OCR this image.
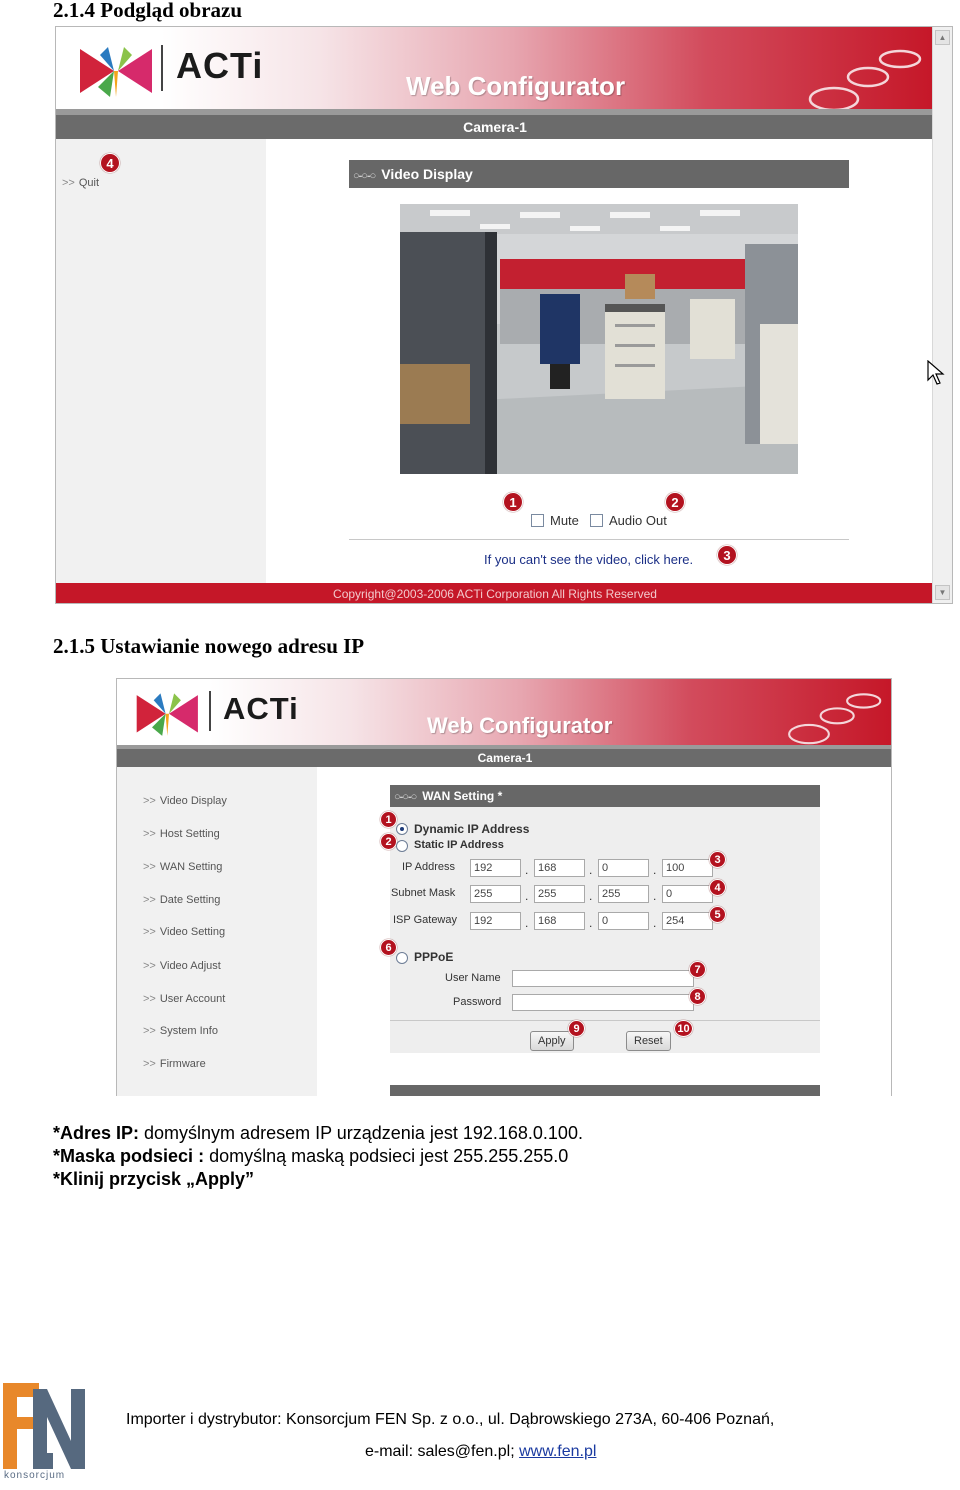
2.1.4 Podgląd obrazu
ACTi	Web Configurator
Camera-1
4
>> Quit
○-○-○ Video Display
1	2
Mute	Audio Out
If you can't see the video, click here.	3
Copyright@2003-2006 ACTi Corporation All Rights Reserved
▲
▼
2.1.5 Ustawianie nowego adresu IP
ACTi	Web Configurator
Camera-1
>> Video Display
>> Host Setting
>> WAN Setting
>> Date Setting
>> Video Setting
>> Video Adjust
>> User Account
>> System Info
>> Firmware
○-○-○ WAN Setting *
1
Dynamic IP Address
2	Static IP Address
IP Address	192	. 168	. 0	. 100
3
Subnet Mask	255	. 255	. 255	. 0	4
ISP Gateway	192	. 168	. 0	. 254	5
6
PPPoE
User Name
7
Password	8
Apply
9
Reset
10
*Adres IP: domyślnym adresem IP urządzenia jest 192.168.0.100.
*Maska podsieci : domyślną maską podsieci jest 255.255.255.0
*Klinij przycisk „Apply”
konsorcjum
Importer i dystrybutor: Konsorcjum FEN Sp. z o.o., ul. Dąbrowskiego 273A, 60-406 Poznań,
e-mail: sales@fen.pl; www.fen.pl
